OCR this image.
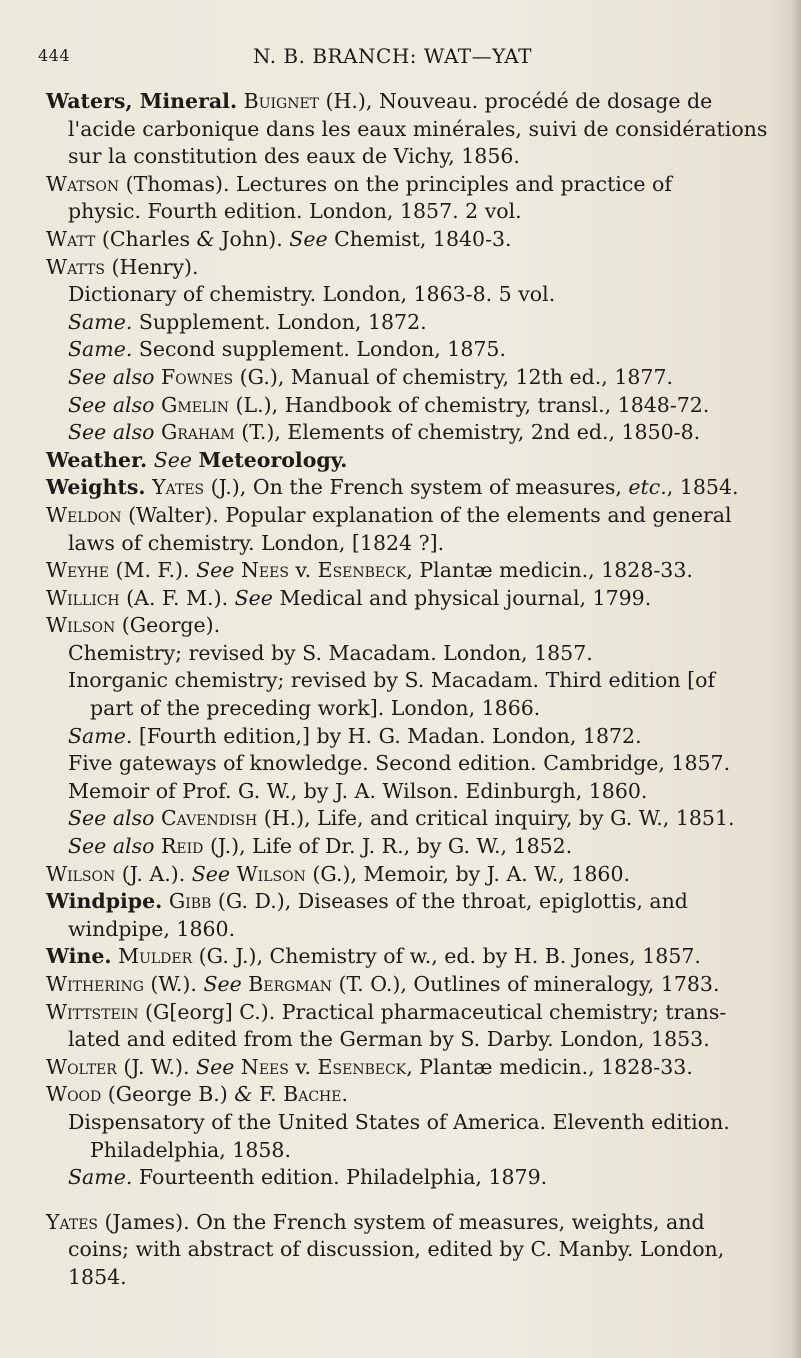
444	N. B. BRANCH: WAT—YAT
Waters, Mineral. Buignet (H.), Nouveau. procédé de dosage de
l'acide carbonique dans les eaux minérales, suivi de considérations
sur la constitution des eaux de Vichy, 1856.
Watson (Thomas). Lectures on the principles and practice of
physic. Fourth edition. London, 1857. 2 vol.
Watt (Charles & John). See Chemist, 1840-3.
Watts (Henry).
Dictionary of chemistry. London, 1863-8. 5 vol.
Same. Supplement. London, 1872.
Same. Second supplement. London, 1875.
See also Fownes (G.), Manual of chemistry, 12th ed., 1877.
See also Gmelin (L.), Handbook of chemistry, transl., 1848-72.
See also Graham (T.), Elements of chemistry, 2nd ed., 1850-8.
Weather. See Meteorology.
Weights. Yates (J.), On the French system of measures, etc., 1854.
Weldon (Walter). Popular explanation of the elements and general
laws of chemistry. London, [1824 ?].
Weyhe (M. F.). See Nees v. Esenbeck, Plantæ medicin., 1828-33.
Willich (A. F. M.). See Medical and physical journal, 1799.
Wilson (George).
Chemistry; revised by S. Macadam. London, 1857.
Inorganic chemistry; revised by S. Macadam. Third edition [of
part of the preceding work]. London, 1866.
Same. [Fourth edition,] by H. G. Madan. London, 1872.
Five gateways of knowledge. Second edition. Cambridge, 1857.
Memoir of Prof. G. W., by J. A. Wilson. Edinburgh, 1860.
See also Cavendish (H.), Life, and critical inquiry, by G. W., 1851.
See also Reid (J.), Life of Dr. J. R., by G. W., 1852.
Wilson (J. A.). See Wilson (G.), Memoir, by J. A. W., 1860.
Windpipe. Gibb (G. D.), Diseases of the throat, epiglottis, and
windpipe, 1860.
Wine. Mulder (G. J.), Chemistry of w., ed. by H. B. Jones, 1857.
Withering (W.). See Bergman (T. O.), Outlines of mineralogy, 1783.
Wittstein (G[eorg] C.). Practical pharmaceutical chemistry; trans-
lated and edited from the German by S. Darby. London, 1853.
Wolter (J. W.). See Nees v. Esenbeck, Plantæ medicin., 1828-33.
Wood (George B.) & F. Bache.
Dispensatory of the United States of America. Eleventh edition.
Philadelphia, 1858.
Same. Fourteenth edition. Philadelphia, 1879.
Yates (James). On the French system of measures, weights, and
coins; with abstract of discussion, edited by C. Manby. London,
1854.
